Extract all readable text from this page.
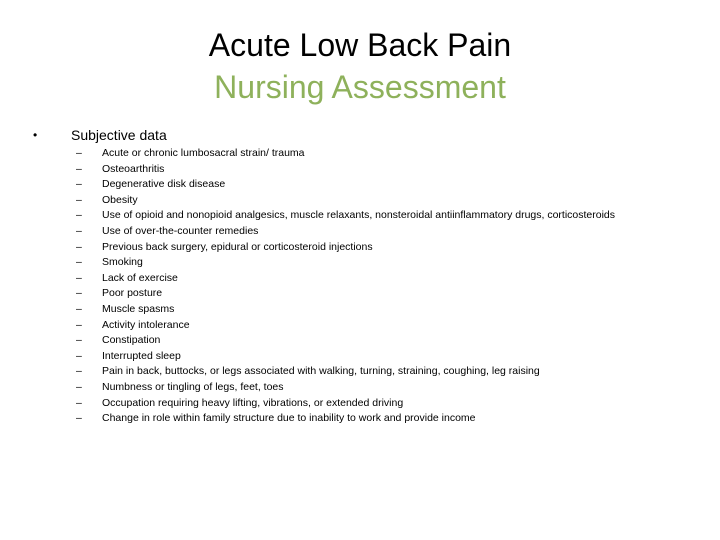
Acute Low Back Pain
Nursing Assessment
•	Subjective data
–	Acute or chronic lumbosacral strain/ trauma
–	Osteoarthritis
–	Degenerative disk disease
–	Obesity
–	Use of opioid and nonopioid analgesics, muscle relaxants, nonsteroidal antiinflammatory drugs, corticosteroids
–	Use of over-the-counter remedies
–	Previous back surgery, epidural or corticosteroid injections
–	Smoking
–	Lack of exercise
–	Poor posture
–	Muscle spasms
–	Activity intolerance
–	Constipation
–	Interrupted sleep
–	Pain in back, buttocks, or legs associated with walking, turning, straining, coughing, leg raising
–	Numbness or tingling of legs, feet, toes
–	Occupation requiring heavy lifting, vibrations, or extended driving
–	Change in role within family structure due to inability to work and provide income
